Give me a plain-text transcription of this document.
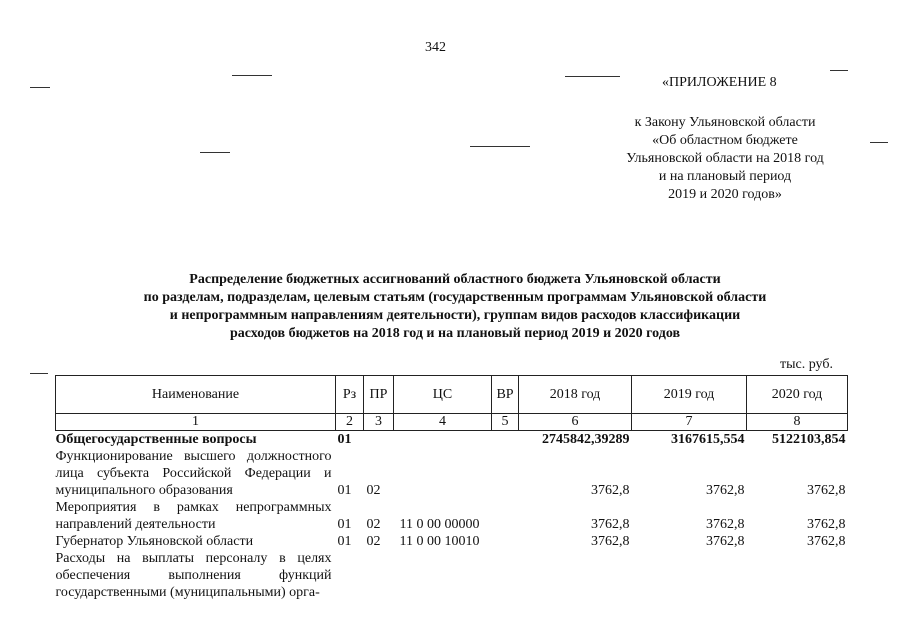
342
«ПРИЛОЖЕНИЕ 8
к Закону Ульяновской области
«Об областном бюджете
Ульяновской области на 2018 год
и на плановый период
2019 и 2020 годов»
Распределение бюджетных ассигнований областного бюджета Ульяновской области
по разделам, подразделам, целевым статьям (государственным программам Ульяновской области
и непрограммным направлениям деятельности), группам видов расходов классификации
расходов бюджетов на 2018 год и на плановый период 2019 и 2020 годов
тыс. руб.
Наименование	Рз	ПР	ЦС	ВР	2018 год	2019 год	2020 год
1	2	3	4	5	6	7	8
Общегосударственные вопросы	01				2745842,39289	3167615,554	5122103,854
Функционирование высшего должностного лица субъекта Российской Федерации и муниципального образования	01	02			3762,8	3762,8	3762,8
Мероприятия в рамках непрограммных направлений деятельности	01	02	11 0 00 00000		3762,8	3762,8	3762,8
Губернатор Ульяновской области	01	02	11 0 00 10010		3762,8	3762,8	3762,8
Расходы на выплаты персоналу в целях обеспечения выполнения функций государственными (муниципальными) орга-							
